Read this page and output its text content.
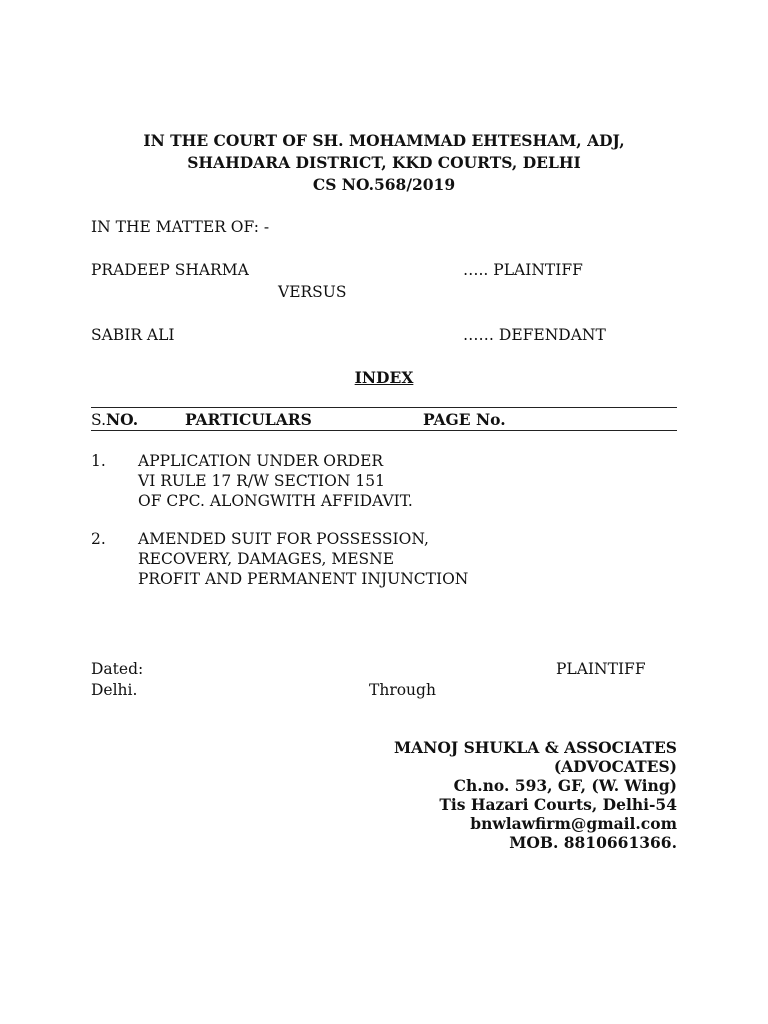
IN THE COURT OF SH. MOHAMMAD EHTESHAM, ADJ,
SHAHDARA DISTRICT, KKD COURTS, DELHI
CS NO.568/2019
IN THE MATTER OF: -
PRADEEP SHARMA	….. PLAINTIFF
VERSUS
SABIR ALI	…… DEFENDANT
INDEX
S.NO.	PARTICULARS	PAGE No.
1. APPLICATION UNDER ORDER
VI RULE 17 R/W SECTION 151
OF CPC. ALONGWITH AFFIDAVIT.
2. AMENDED SUIT FOR POSSESSION,
RECOVERY, DAMAGES, MESNE
PROFIT AND PERMANENT INJUNCTION
Dated:	PLAINTIFF
Delhi.	Through
MANOJ SHUKLA & ASSOCIATES
(ADVOCATES)
Ch.no. 593, GF, (W. Wing)
Tis Hazari Courts, Delhi-54
bnwlawfirm@gmail.com
MOB. 8810661366.
